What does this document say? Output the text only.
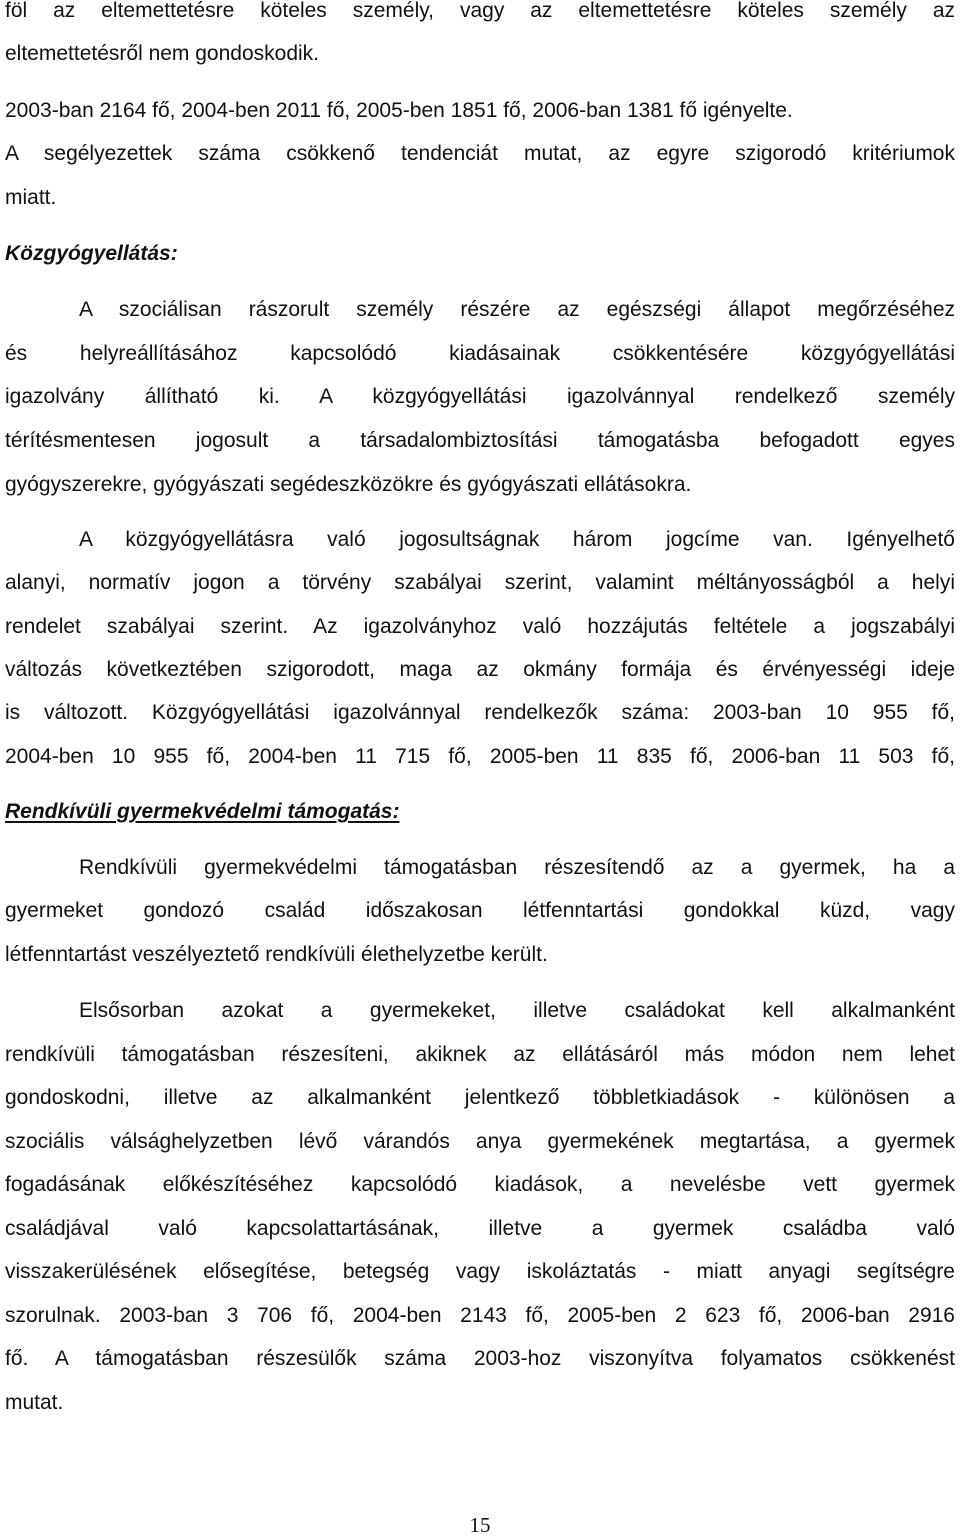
föl az eltemettetésre köteles személy, vagy az eltemettetésre köteles személy az
eltemettetésről nem gondoskodik.
2003-ban 2164 fő, 2004-ben 2011 fő, 2005-ben 1851 fő, 2006-ban 1381 fő igényelte.
A segélyezettek száma csökkenő tendenciát mutat, az egyre szigorodó kritériumok
miatt.
Közgyógyellátás:
A szociálisan rászorult személy részére az egészségi állapot megőrzéséhez
és helyreállításához kapcsolódó kiadásainak csökkentésére közgyógyellátási
igazolvány állítható ki. A közgyógyellátási igazolvánnyal rendelkező személy
térítésmentesen jogosult a társadalombiztosítási támogatásba befogadott egyes
gyógyszerekre, gyógyászati segédeszközökre és gyógyászati ellátásokra.
A közgyógyellátásra való jogosultságnak három jogcíme van. Igényelhető
alanyi, normatív jogon a törvény szabályai szerint, valamint méltányosságból a helyi
rendelet szabályai szerint. Az igazolványhoz való hozzájutás feltétele a jogszabályi
változás következtében szigorodott, maga az okmány formája és érvényességi ideje
is változott. Közgyógyellátási igazolvánnyal rendelkezők száma: 2003-ban 10 955 fő,
2004-ben 10 955 fő, 2004-ben 11 715 fő, 2005-ben 11 835 fő, 2006-ban 11 503 fő,
Rendkívüli gyermekvédelmi támogatás:
Rendkívüli gyermekvédelmi támogatásban részesítendő az a gyermek, ha a
gyermeket gondozó család időszakosan létfenntartási gondokkal küzd, vagy
létfenntartást veszélyeztető rendkívüli élethelyzetbe került.
Elsősorban azokat a gyermekeket, illetve családokat kell alkalmanként
rendkívüli támogatásban részesíteni, akiknek az ellátásáról más módon nem lehet
gondoskodni, illetve az alkalmanként jelentkező többletkiadások - különösen a
szociális válsághelyzetben lévő várandós anya gyermekének megtartása, a gyermek
fogadásának előkészítéséhez kapcsolódó kiadások, a nevelésbe vett gyermek
családjával való kapcsolattartásának, illetve a gyermek családba való
visszakerülésének elősegítése, betegség vagy iskoláztatás - miatt anyagi segítségre
szorulnak. 2003-ban 3 706 fő, 2004-ben 2143 fő, 2005-ben 2 623 fő, 2006-ban 2916
fő. A támogatásban részesülők száma 2003-hoz viszonyítva folyamatos csökkenést
mutat.
15
